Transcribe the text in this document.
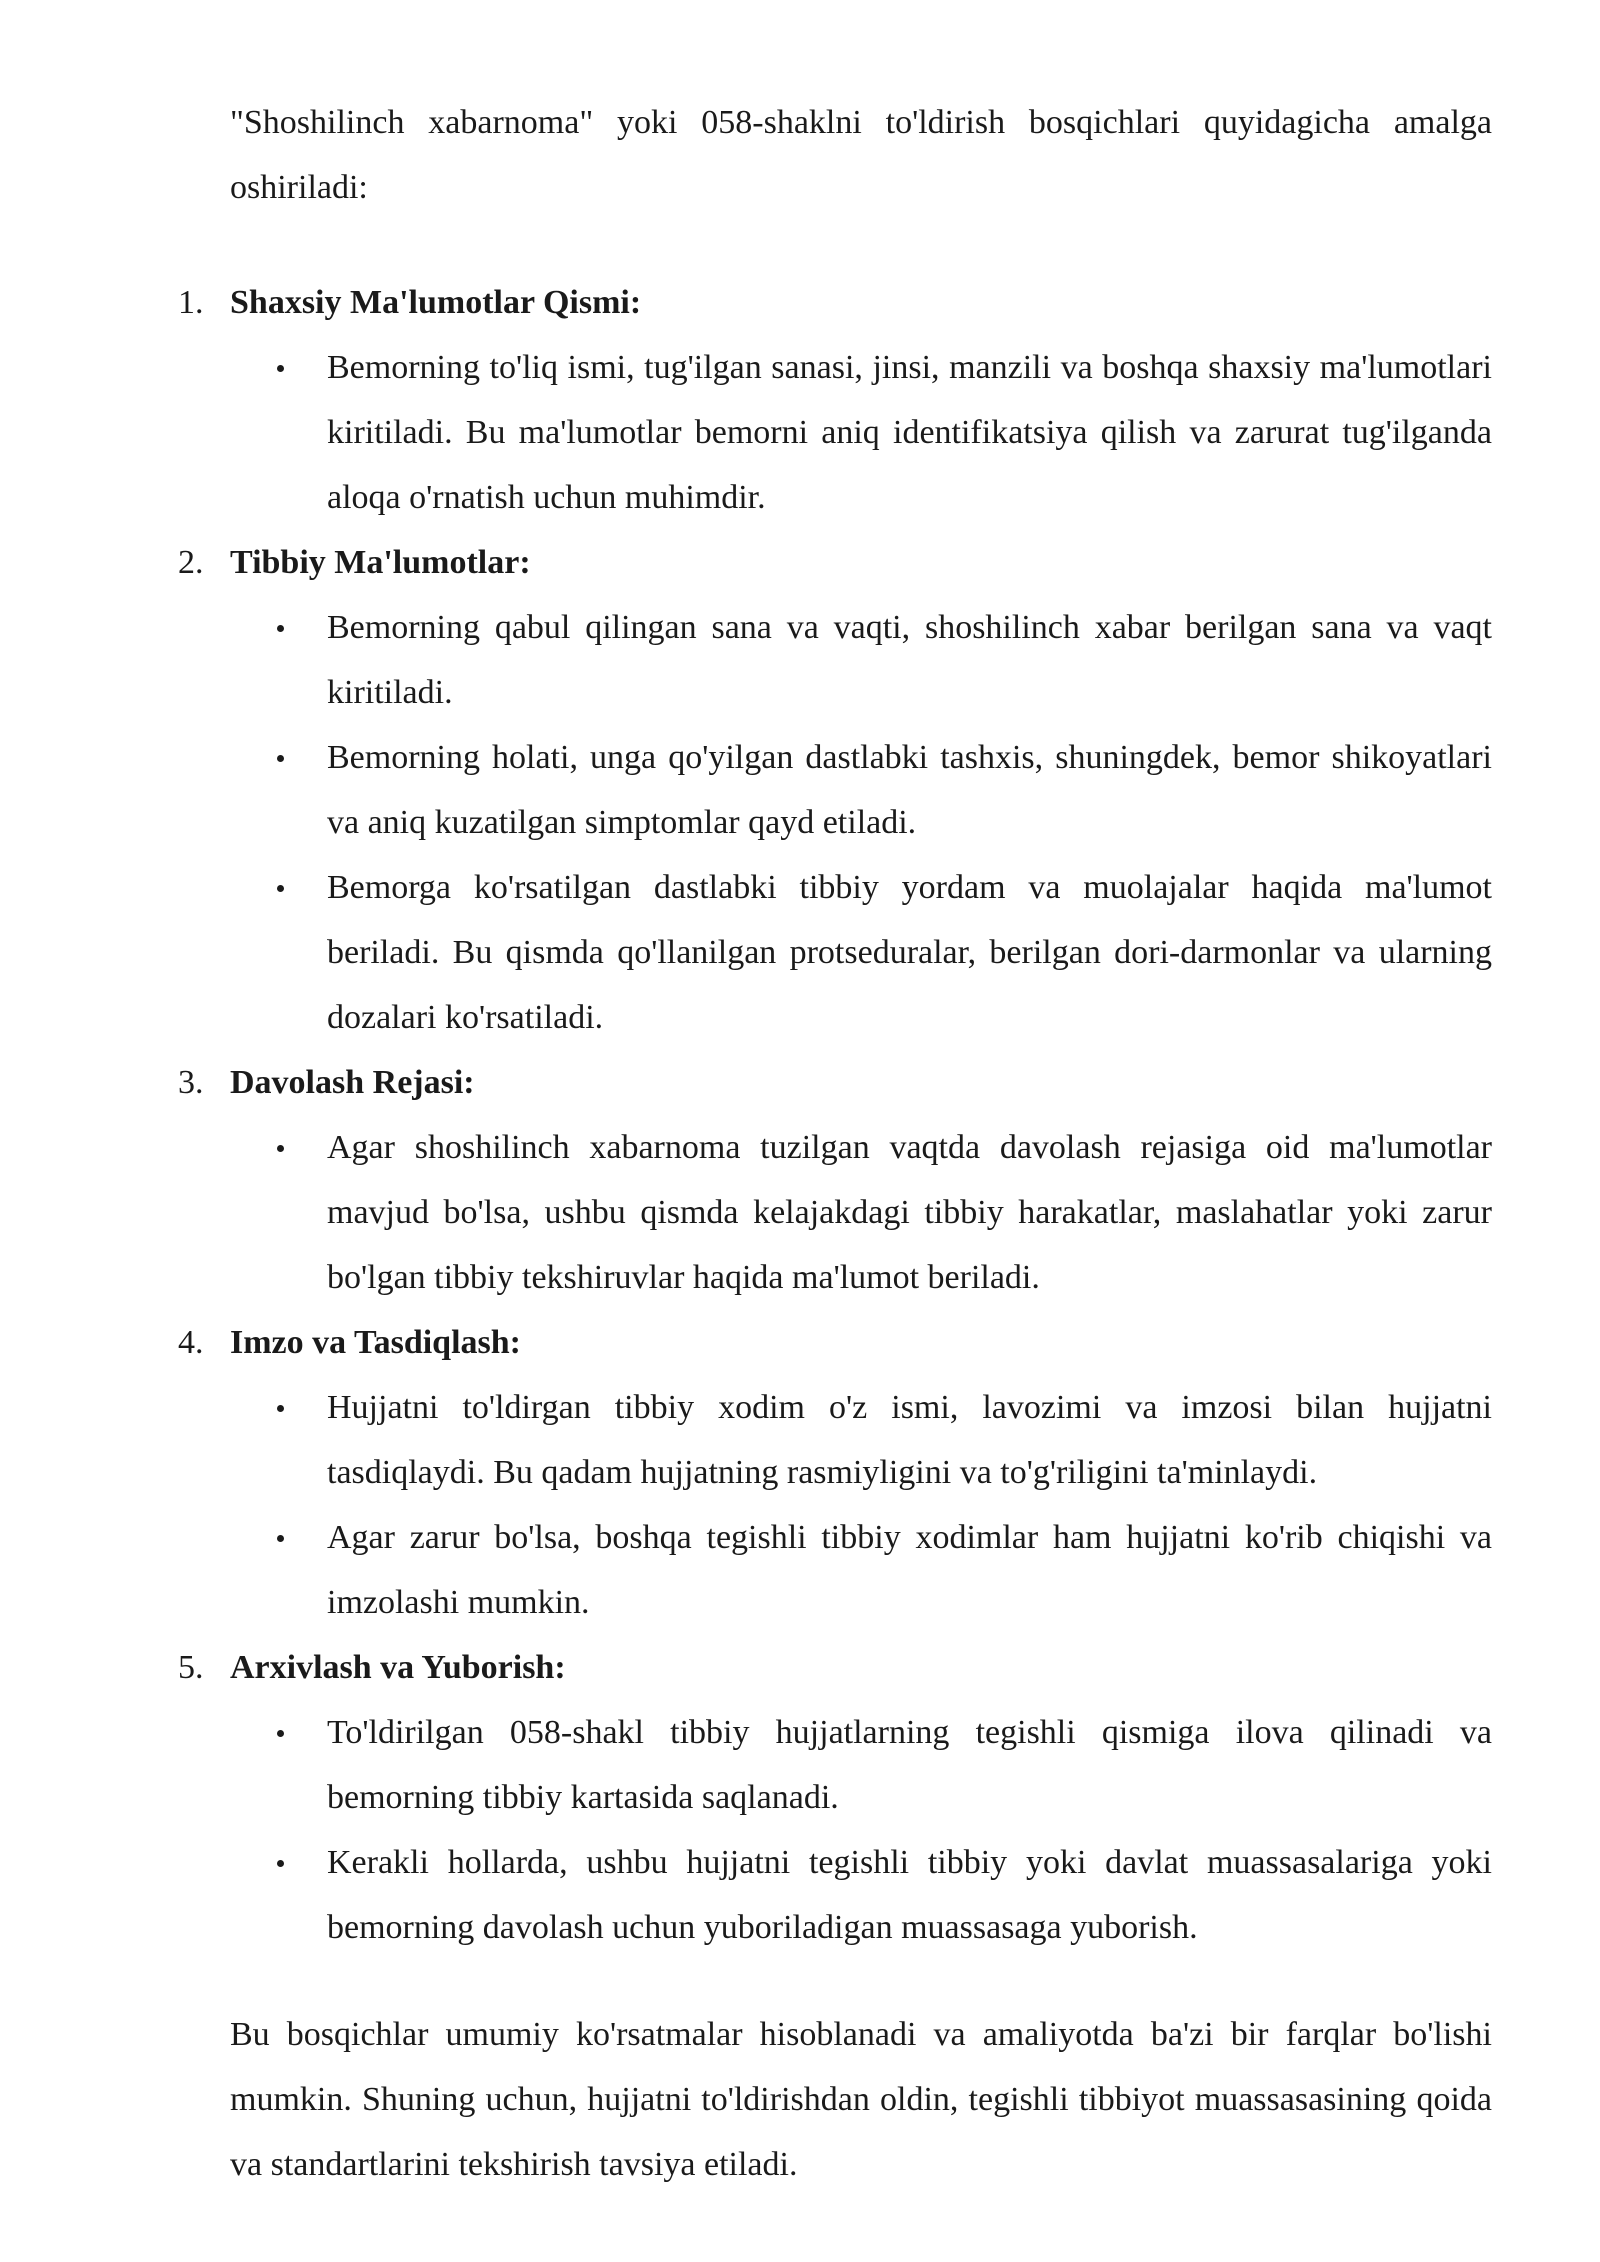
"Shoshilinch xabarnoma" yoki 058-shaklni to'ldirish bosqichlari quyidagicha amalga oshiriladi:

1. Shaxsiy Ma'lumotlar Qismi:

Bemorning to'liq ismi, tug'ilgan sanasi, jinsi, manzili va boshqa shaxsiy ma'lumotlari kiritiladi. Bu ma'lumotlar bemorni aniq identifikatsiya qilish va zarurat tug'ilganda aloqa o'rnatish uchun muhimdir.
2. Tibbiy Ma'lumotlar:

Bemorning qabul qilingan sana va vaqti, shoshilinch xabar berilgan sana va vaqt kiritiladi.
Bemorning holati, unga qo'yilgan dastlabki tashxis, shuningdek, bemor shikoyatlari va aniq kuzatilgan simptomlar qayd etiladi.
Bemorga ko'rsatilgan dastlabki tibbiy yordam va muolajalar haqida ma'lumot beriladi. Bu qismda qo'llanilgan protseduralar, berilgan dori-darmonlar va ularning dozalari ko'rsatiladi.
3. Davolash Rejasi:

Agar shoshilinch xabarnoma tuzilgan vaqtda davolash rejasiga oid ma'lumotlar mavjud bo'lsa, ushbu qismda kelajakdagi tibbiy harakatlar, maslahatlar yoki zarur bo'lgan tibbiy tekshiruvlar haqida ma'lumot beriladi.
4. Imzo va Tasdiqlash:

Hujjatni to'ldirgan tibbiy xodim o'z ismi, lavozimi va imzosi bilan hujjatni tasdiqlaydi. Bu qadam hujjatning rasmiyligini va to'g'riligini ta'minlaydi.
Agar zarur bo'lsa, boshqa tegishli tibbiy xodimlar ham hujjatni ko'rib chiqishi va imzolashi mumkin.
5. Arxivlash va Yuborish:

To'ldirilgan 058-shakl tibbiy hujjatlarning tegishli qismiga ilova qilinadi va bemorning tibbiy kartasida saqlanadi.
Kerakli hollarda, ushbu hujjatni tegishli tibbiy yoki davlat muassasalariga yoki bemorning davolash uchun yuboriladigan muassasaga yuborish.

Bu bosqichlar umumiy ko'rsatmalar hisoblanadi va amaliyotda ba'zi bir farqlar bo'lishi mumkin. Shuning uchun, hujjatni to'ldirishdan oldin, tegishli tibbiyot muassasasining qoida va standartlarini tekshirish tavsiya etiladi.
